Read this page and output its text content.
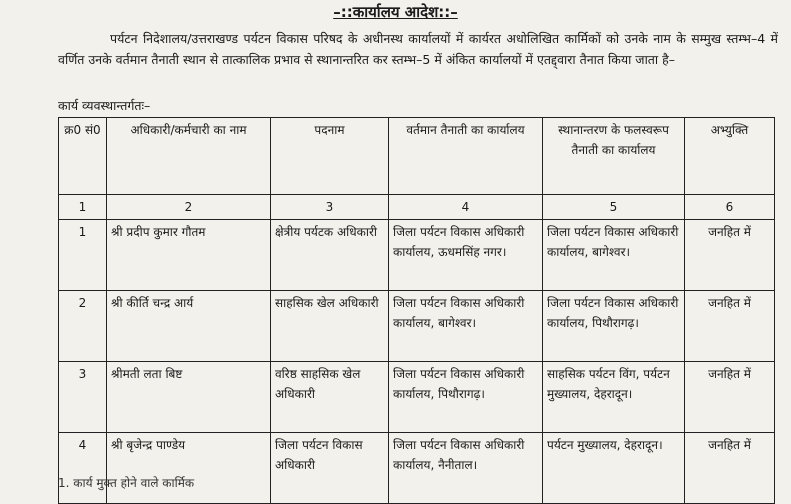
–::कार्यालय आदेश::–
पर्यटन निदेशालय/उत्तराखण्ड पर्यटन विकास परिषद के अधीनस्थ कार्यालयों में कार्यरत अधोलिखित कार्मिकों को उनके नाम के सम्मुख स्तम्भ–4 में वर्णित उनके वर्तमान तैनाती स्थान से तात्कालिक प्रभाव से स्थानान्तरित कर स्तम्भ–5 में अंकित कार्यालयों में एतद्द्वारा तैनात किया जाता है–
कार्य व्यवस्थान्तर्गतः–
क्र0 सं0	अधिकारी/कर्मचारी का नाम	पदनाम	वर्तमान तैनाती का कार्यालय	स्थानान्तरण के फलस्वरूप तैनाती का कार्यालय	अभ्युक्ति
1	2	3	4	5	6
1	श्री प्रदीप कुमार गौतम	क्षेत्रीय पर्यटक अधिकारी	जिला पर्यटन विकास अधिकारी कार्यालय, ऊधमसिंह नगर।	जिला पर्यटन विकास अधिकारी कार्यालय, बागेश्वर।	जनहित में
2	श्री कीर्ति चन्द्र आर्य	साहसिक खेल अधिकारी	जिला पर्यटन विकास अधिकारी कार्यालय, बागेश्वर।	जिला पर्यटन विकास अधिकारी कार्यालय, पिथौरागढ़।	जनहित में
3	श्रीमती लता बिष्ट	वरिष्ठ साहसिक खेल अधिकारी	जिला पर्यटन विकास अधिकारी कार्यालय, पिथौरागढ़।	साहसिक पर्यटन विंग, पर्यटन मुख्यालय, देहरादून।	जनहित में
4	श्री बृजेन्द्र पाण्डेय	जिला पर्यटन विकास अधिकारी	जिला पर्यटन विकास अधिकारी कार्यालय, नैनीताल।	पर्यटन मुख्यालय, देहरादून।	जनहित में
1. कार्य मुक्त होने वाले कार्मिक
